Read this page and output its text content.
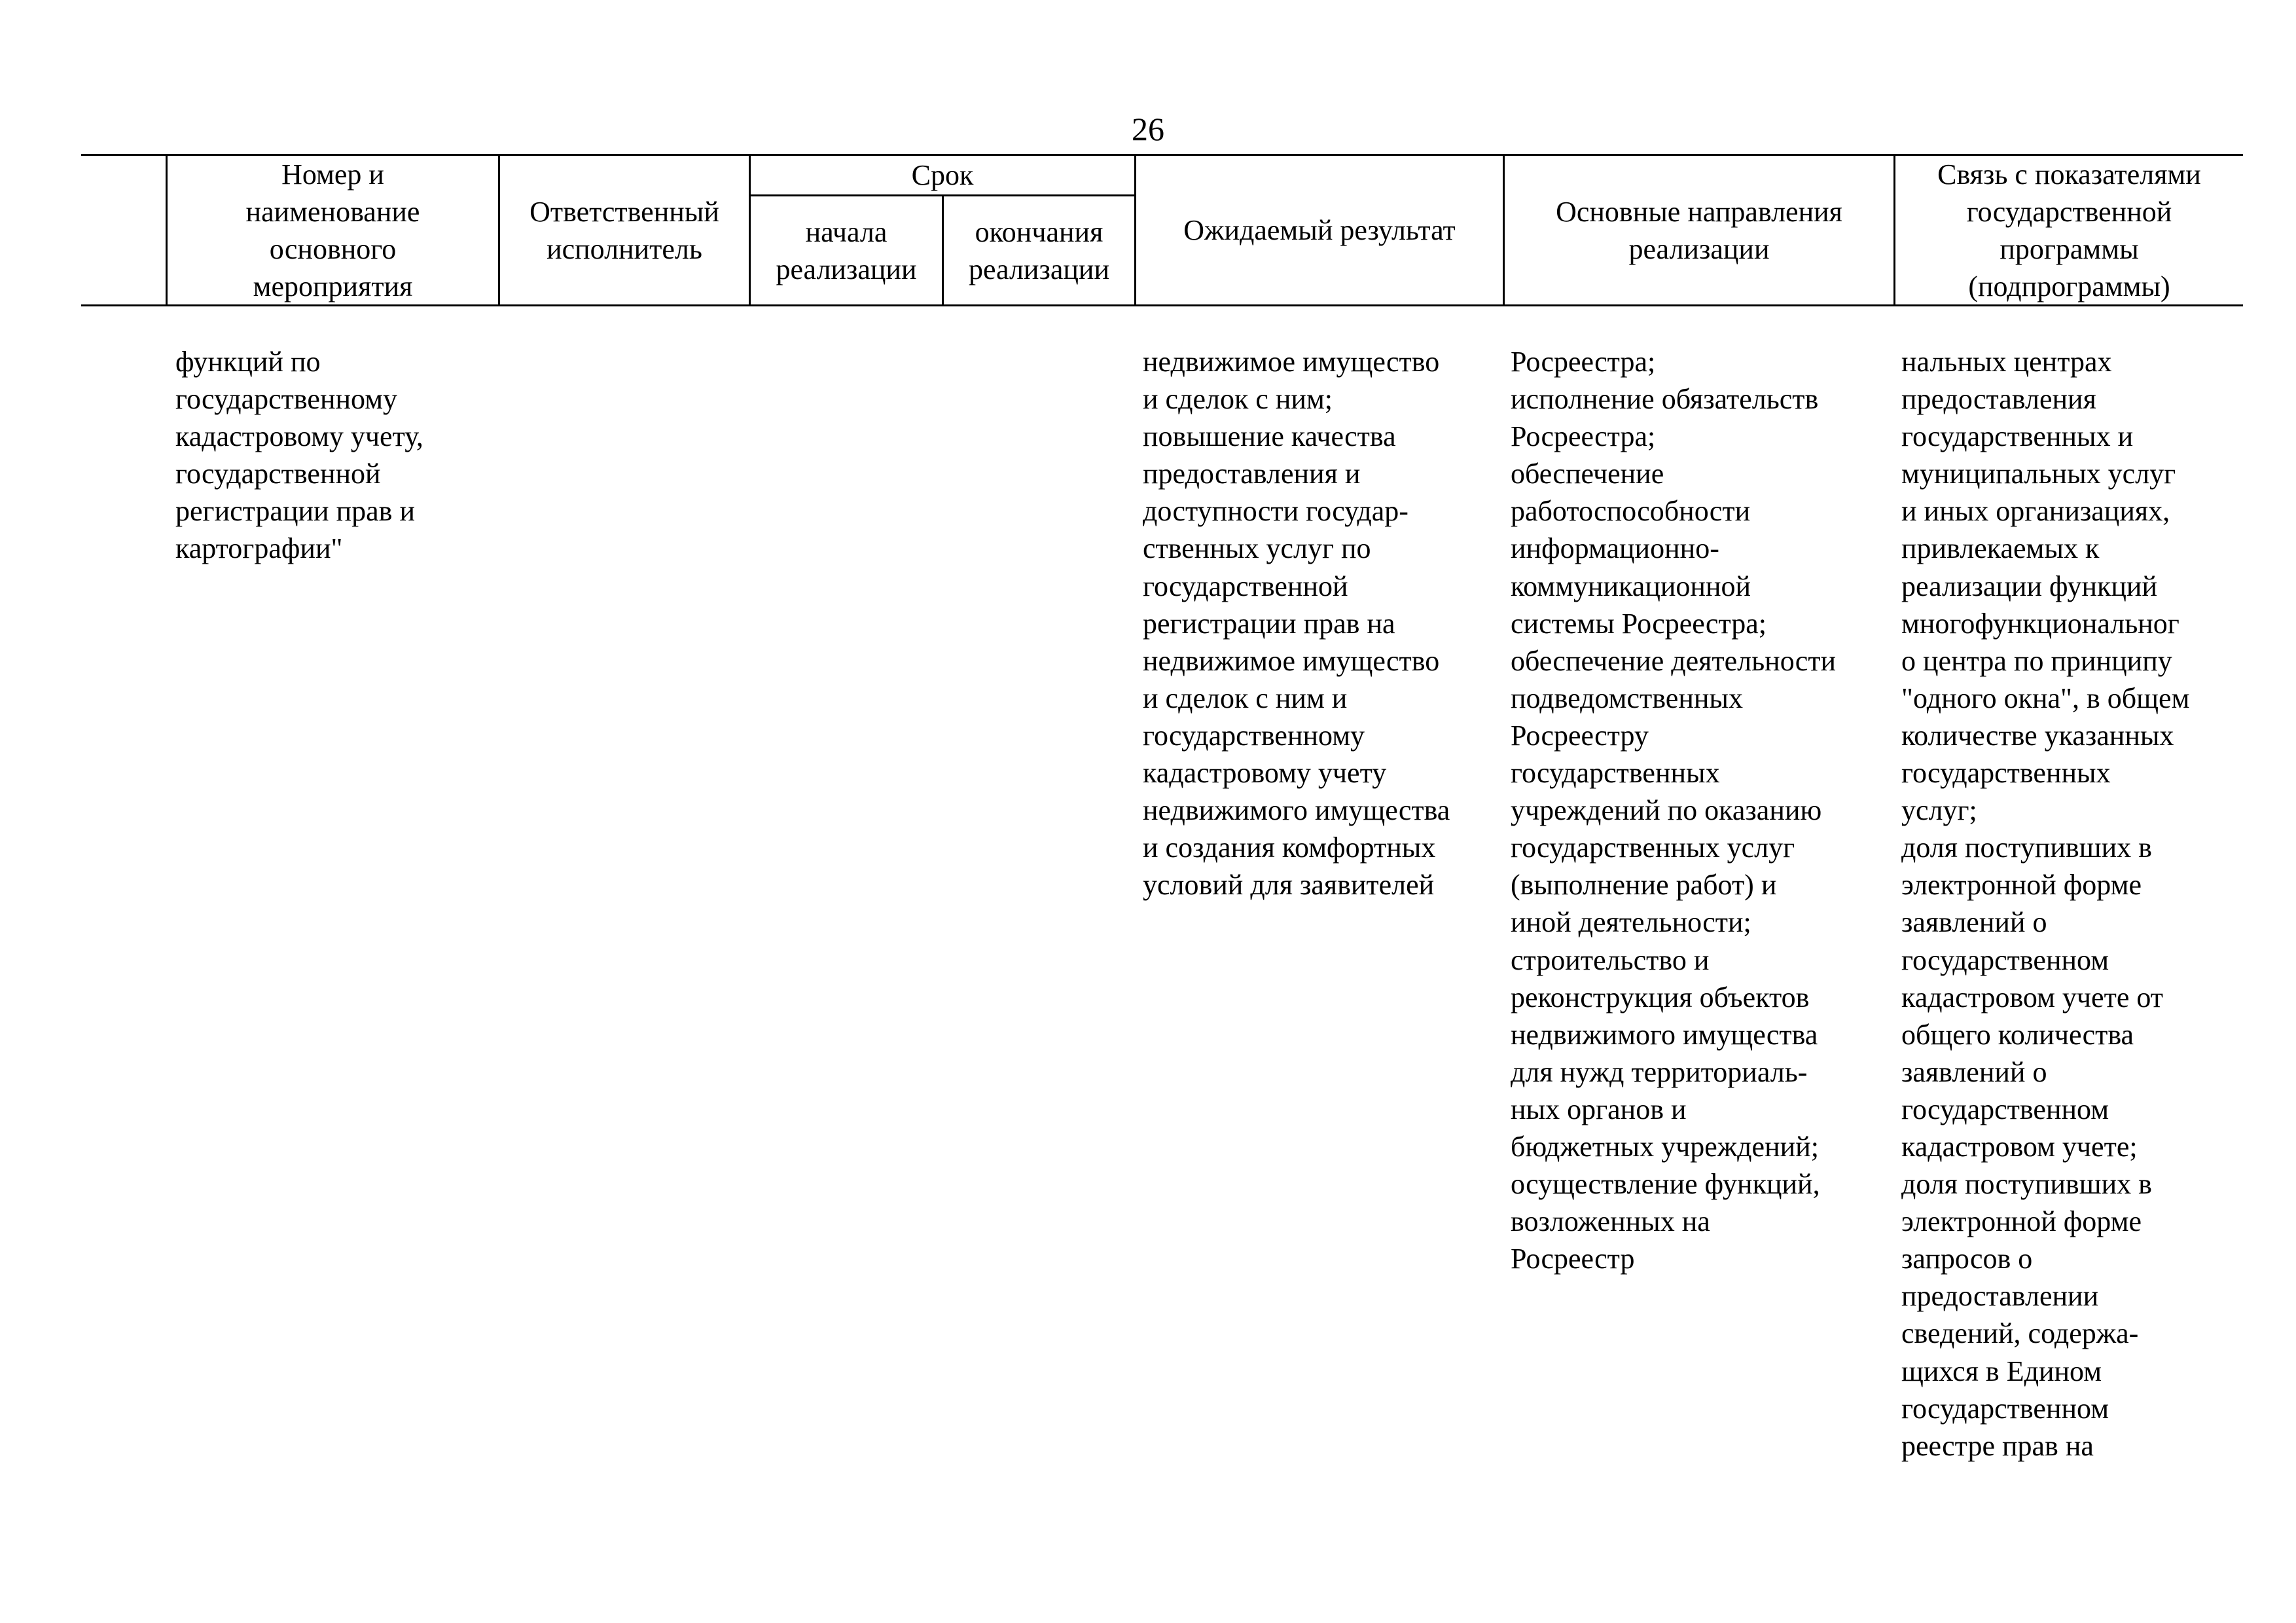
26
Номер и
наименование
основного
мероприятия
Ответственный
исполнитель
Срок
начала
реализации
окончания
реализации
Ожидаемый результат
Основные направления
реализации
Связь с показателями
государственной
программы
(подпрограммы)
функций по
государственному
кадастровому учету,
государственной
регистрации прав и
картографии"
недвижимое имущество
и сделок с ним;
повышение качества
предоставления и
доступности государ-
ственных услуг по
государственной
регистрации прав на
недвижимое имущество
и сделок с ним и
государственному
кадастровому учету
недвижимого имущества
и создания комфортных
условий для заявителей
Росреестра;
исполнение обязательств
Росреестра;
обеспечение
работоспособности
информационно-
коммуникационной
системы Росреестра;
обеспечение деятельности
подведомственных
Росреестру
государственных
учреждений по оказанию
государственных услуг
(выполнение работ) и
иной деятельности;
строительство и
реконструкция объектов
недвижимого имущества
для нужд территориаль-
ных органов и
бюджетных учреждений;
осуществление функций,
возложенных на
Росреестр
нальных центрах
предоставления
государственных и
муниципальных услуг
и иных организациях,
привлекаемых к
реализации функций
многофункциональног
о центра по принципу
"одного окна", в общем
количестве указанных
государственных
услуг;
доля поступивших в
электронной форме
заявлений о
государственном
кадастровом учете от
общего количества
заявлений о
государственном
кадастровом учете;
доля поступивших в
электронной форме
запросов о
предоставлении
сведений, содержа-
щихся в Едином
государственном
реестре прав на
